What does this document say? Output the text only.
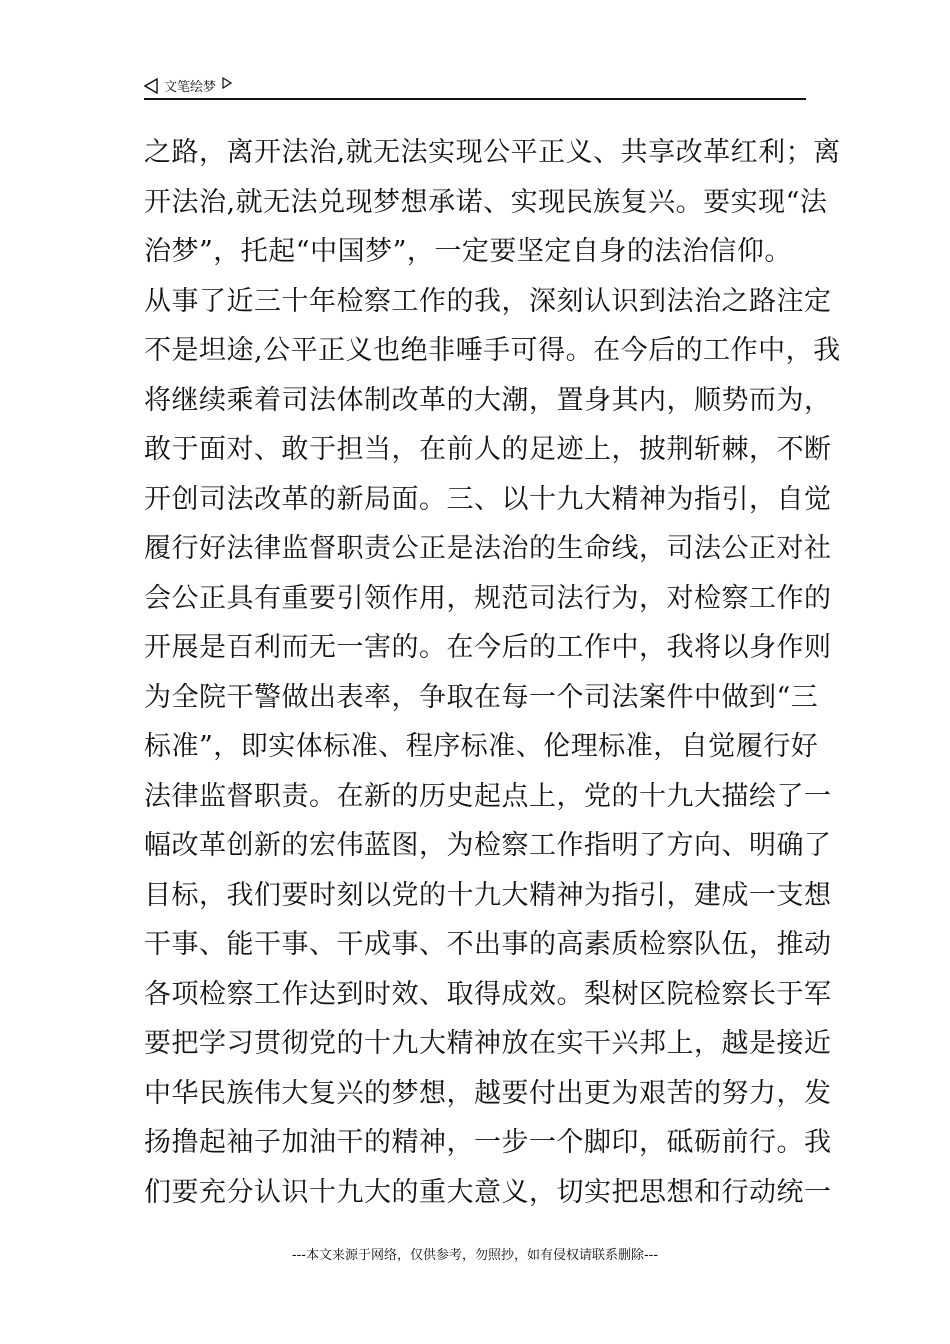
文笔绘梦
之路，离开法治,就无法实现公平正义、共享改革红利；离
开法治,就无法兑现梦想承诺、实现民族复兴。要实现“法
治梦”，托起“中国梦”，一定要坚定自身的法治信仰。
从事了近三十年检察工作的我，深刻认识到法治之路注定
不是坦途,公平正义也绝非唾手可得。在今后的工作中，我
将继续乘着司法体制改革的大潮，置身其内，顺势而为，
敢于面对、敢于担当，在前人的足迹上，披荆斩棘，不断
开创司法改革的新局面。三、以十九大精神为指引，自觉
履行好法律监督职责公正是法治的生命线，司法公正对社
会公正具有重要引领作用，规范司法行为，对检察工作的
开展是百利而无一害的。在今后的工作中，我将以身作则
为全院干警做出表率，争取在每一个司法案件中做到“三
标准”，即实体标准、程序标准、伦理标准，自觉履行好
法律监督职责。在新的历史起点上，党的十九大描绘了一
幅改革创新的宏伟蓝图，为检察工作指明了方向、明确了
目标，我们要时刻以党的十九大精神为指引，建成一支想
干事、能干事、干成事、不出事的高素质检察队伍，推动
各项检察工作达到时效、取得成效。梨树区院检察长于军
要把学习贯彻党的十九大精神放在实干兴邦上，越是接近
中华民族伟大复兴的梦想，越要付出更为艰苦的努力，发
扬撸起袖子加油干的精神，一步一个脚印，砥砺前行。我
们要充分认识十九大的重大意义，切实把思想和行动统一
---本文来源于网络，仅供参考，勿照抄，如有侵权请联系删除---
